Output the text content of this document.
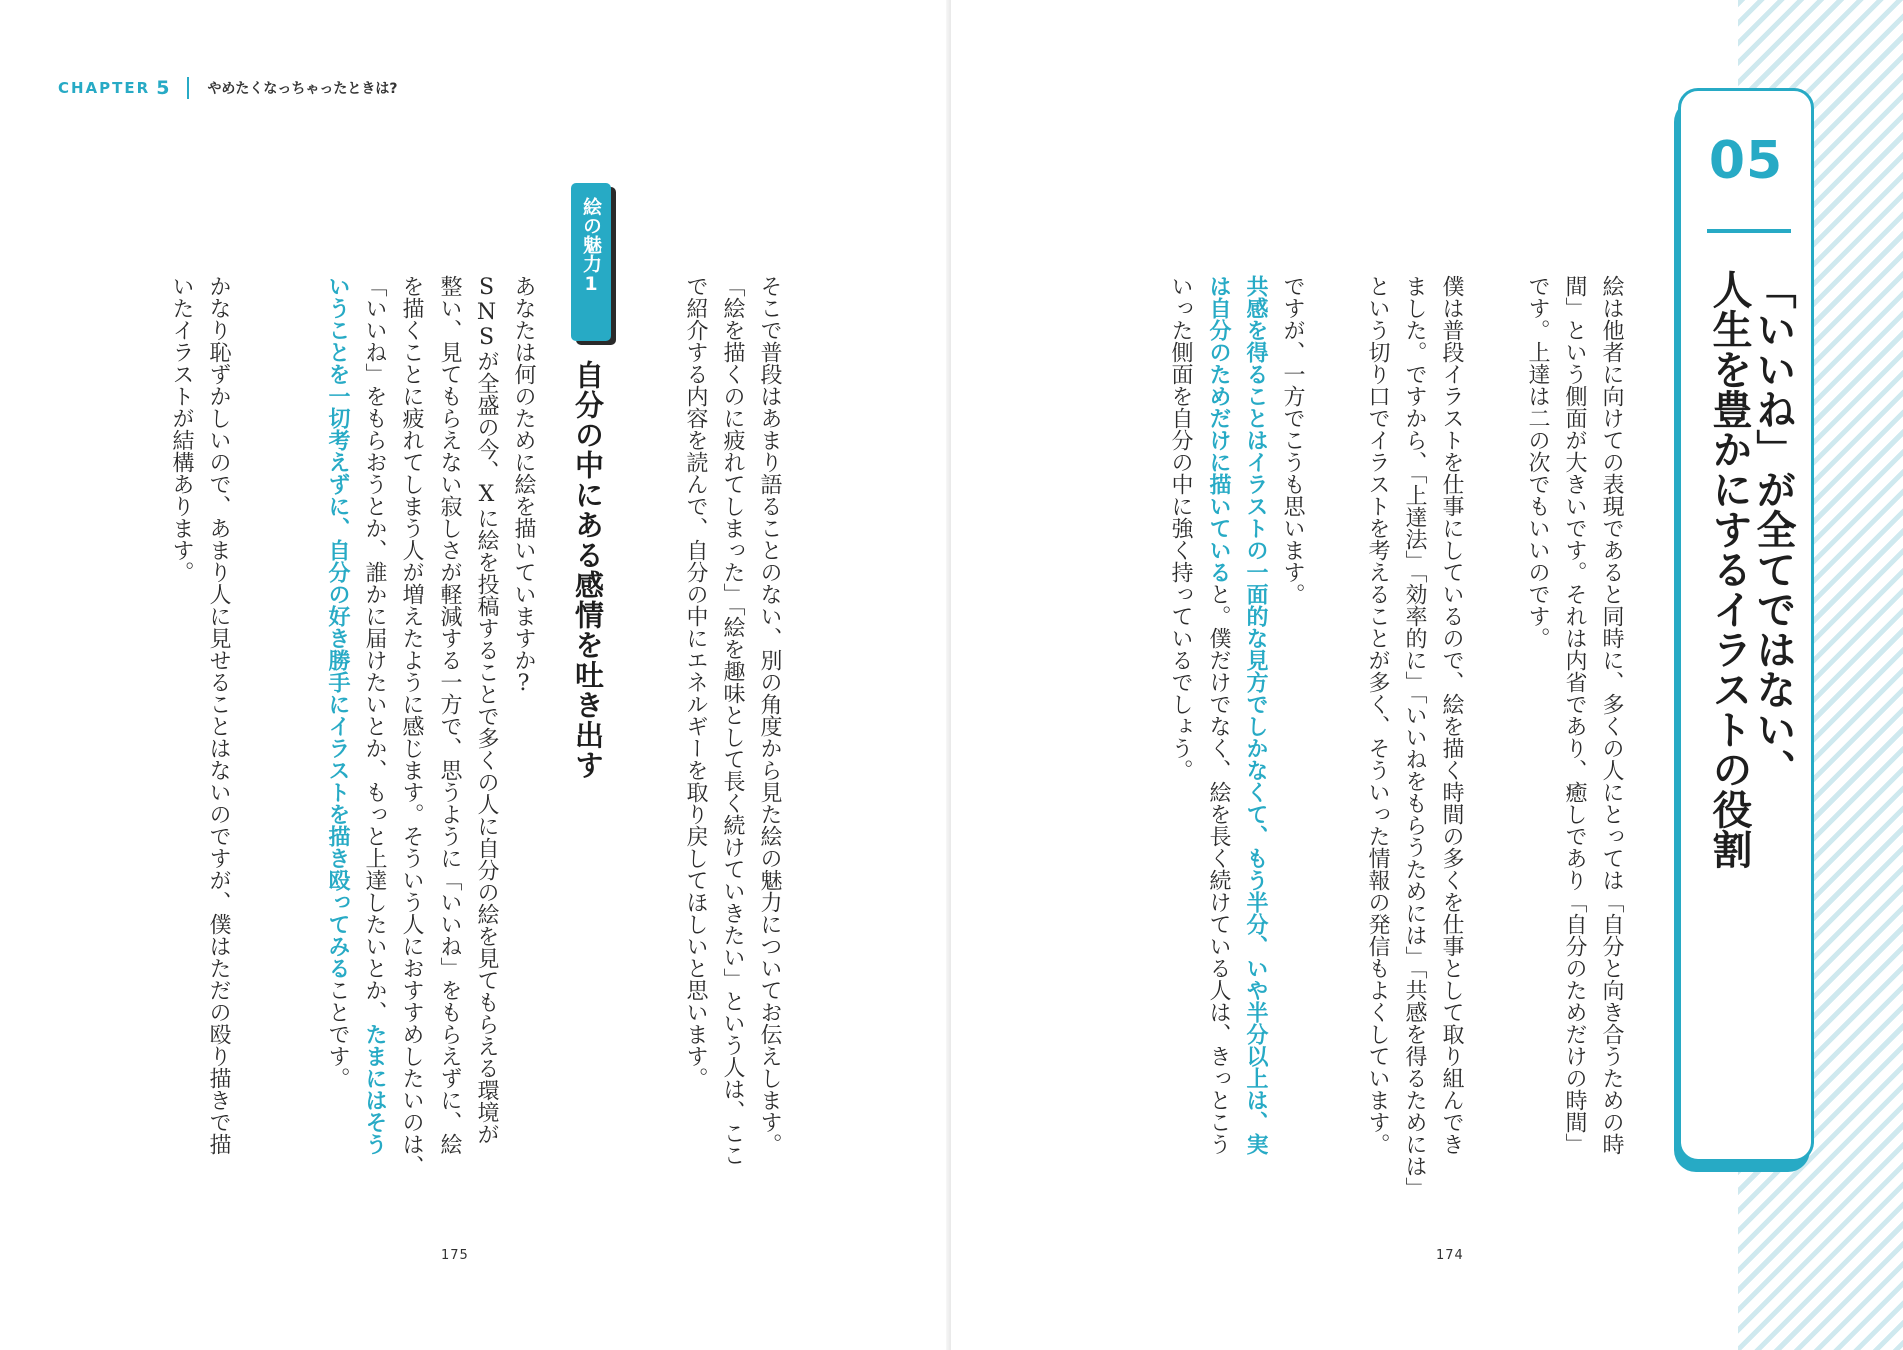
CHAPTER 5	やめたくなっちゃったときは?
絵の魅力1
自分の中にある感情を吐き出す	そこで普段はあまり語ることのない、別の角度から見た絵の魅力についてお伝えします。
「絵を描くのに疲れてしまった」「絵を趣味として長く続けていきたい」という人は、ここ
で紹介する内容を読んで、自分の中にエネルギーを取り戻してほしいと思います。
あなたは何のために絵を描いていますか?
SNSが全盛の今、Xに絵を投稿することで多くの人に自分の絵を見てもらえる環境が
整い、見てもらえない寂しさが軽減する一方で、思うように「いいね」をもらえずに、絵
を描くことに疲れてしまう人が増えたように感じます。そういう人におすすめしたいのは、
「いいね」をもらおうとか、誰かに届けたいとか、もっと上達したいとか、たまにはそう
いうことを一切考えずに、自分の好き勝手にイラストを描き殴ってみることです。
かなり恥ずかしいので、あまり人に見せることはないのですが、僕はただの殴り描きで描
いたイラストが結構あります。
175
絵は他者に向けての表現であると同時に、多くの人にとっては「自分と向き合うための時
間」という側面が大きいです。それは内省であり、癒しであり「自分のためだけの時間」
です。上達は二の次でもいいのです。
僕は普段イラストを仕事にしているので、絵を描く時間の多くを仕事として取り組んでき
ました。ですから、「上達法」「効率的に」「いいねをもらうためには」「共感を得るためには」
という切り口でイラストを考えることが多く、そういった情報の発信もよくしています。
ですが、一方でこうも思います。
共感を得ることはイラストの一面的な見方でしかなくて、もう半分、いや半分以上は、実
は自分のためだけに描いていると。僕だけでなく、絵を長く続けている人は、きっとこう
いった側面を自分の中に強く持っているでしょう。
174
05
「いいね」が全てではない、
人生を豊かにするイラストの役割
